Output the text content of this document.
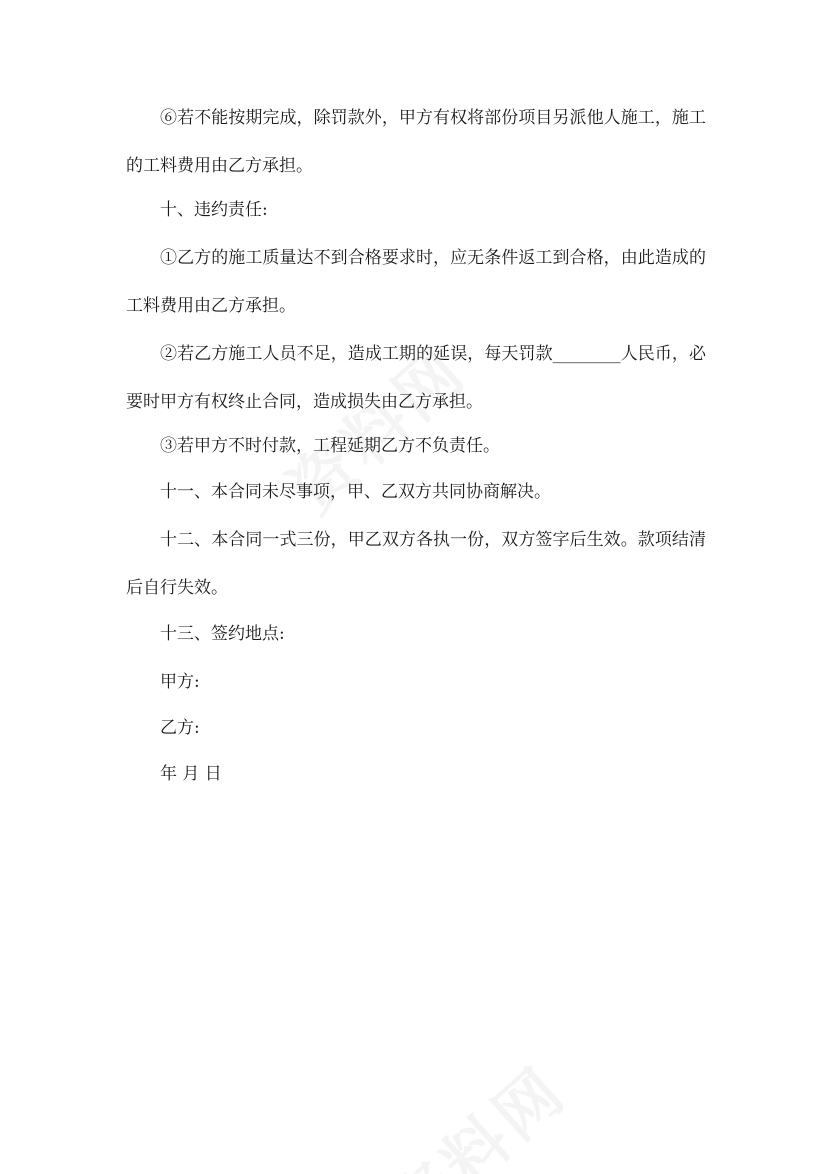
⑥若不能按期完成，除罚款外，甲方有权将部份项目另派他人施工，施工
的工料费用由乙方承担。
十、违约责任:
①乙方的施工质量达不到合格要求时，应无条件返工到合格，由此造成的
工料费用由乙方承担。
②若乙方施工人员不足，造成工期的延误，每天罚款________人民币，必
要时甲方有权终止合同，造成损失由乙方承担。
③若甲方不时付款，工程延期乙方不负责任。
十一、本合同未尽事项，甲、乙双方共同协商解决。
十二、本合同一式三份，甲乙双方各执一份，双方签字后生效。款项结清
后自行失效。
十三、签约地点:
甲方:
乙方:
年 月 日
